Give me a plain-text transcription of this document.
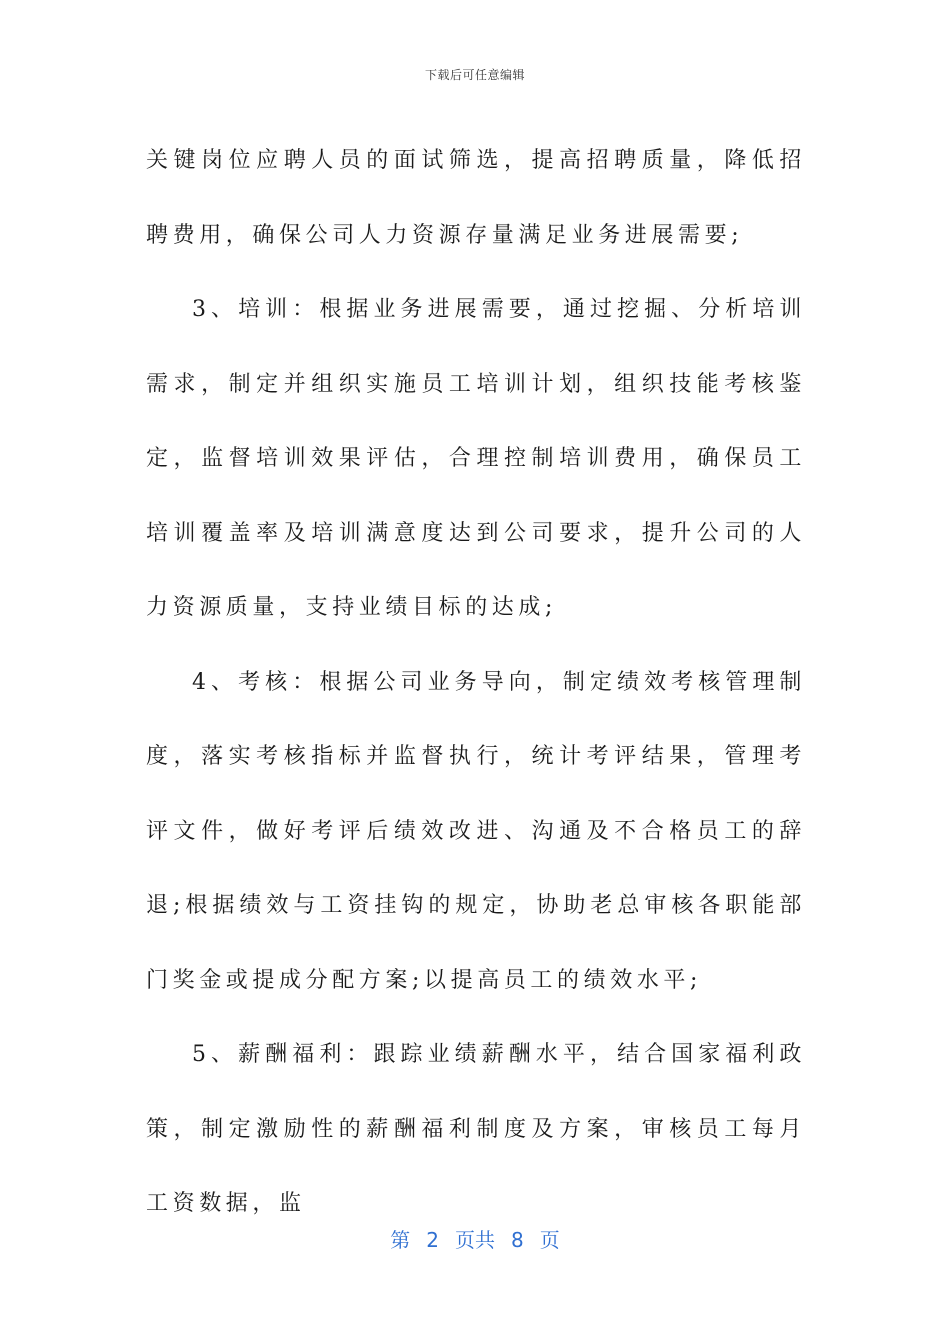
下载后可任意编辑

关键岗位应聘人员的面试筛选，提高招聘质量，降低招聘费用，确保公司人力资源存量满足业务进展需要;

3、培训：根据业务进展需要，通过挖掘、分析培训需求，制定并组织实施员工培训计划，组织技能考核鉴定，监督培训效果评估，合理控制培训费用，确保员工培训覆盖率及培训满意度达到公司要求，提升公司的人力资源质量，支持业绩目标的达成;

4、考核：根据公司业务导向，制定绩效考核管理制度，落实考核指标并监督执行，统计考评结果，管理考评文件，做好考评后绩效改进、沟通及不合格员工的辞退;根据绩效与工资挂钩的规定，协助老总审核各职能部门奖金或提成分配方案;以提高员工的绩效水平;

5、薪酬福利：跟踪业绩薪酬水平，结合国家福利政策，制定激励性的薪酬福利制度及方案，审核员工每月工资数据，监

第 2 页共 8 页
